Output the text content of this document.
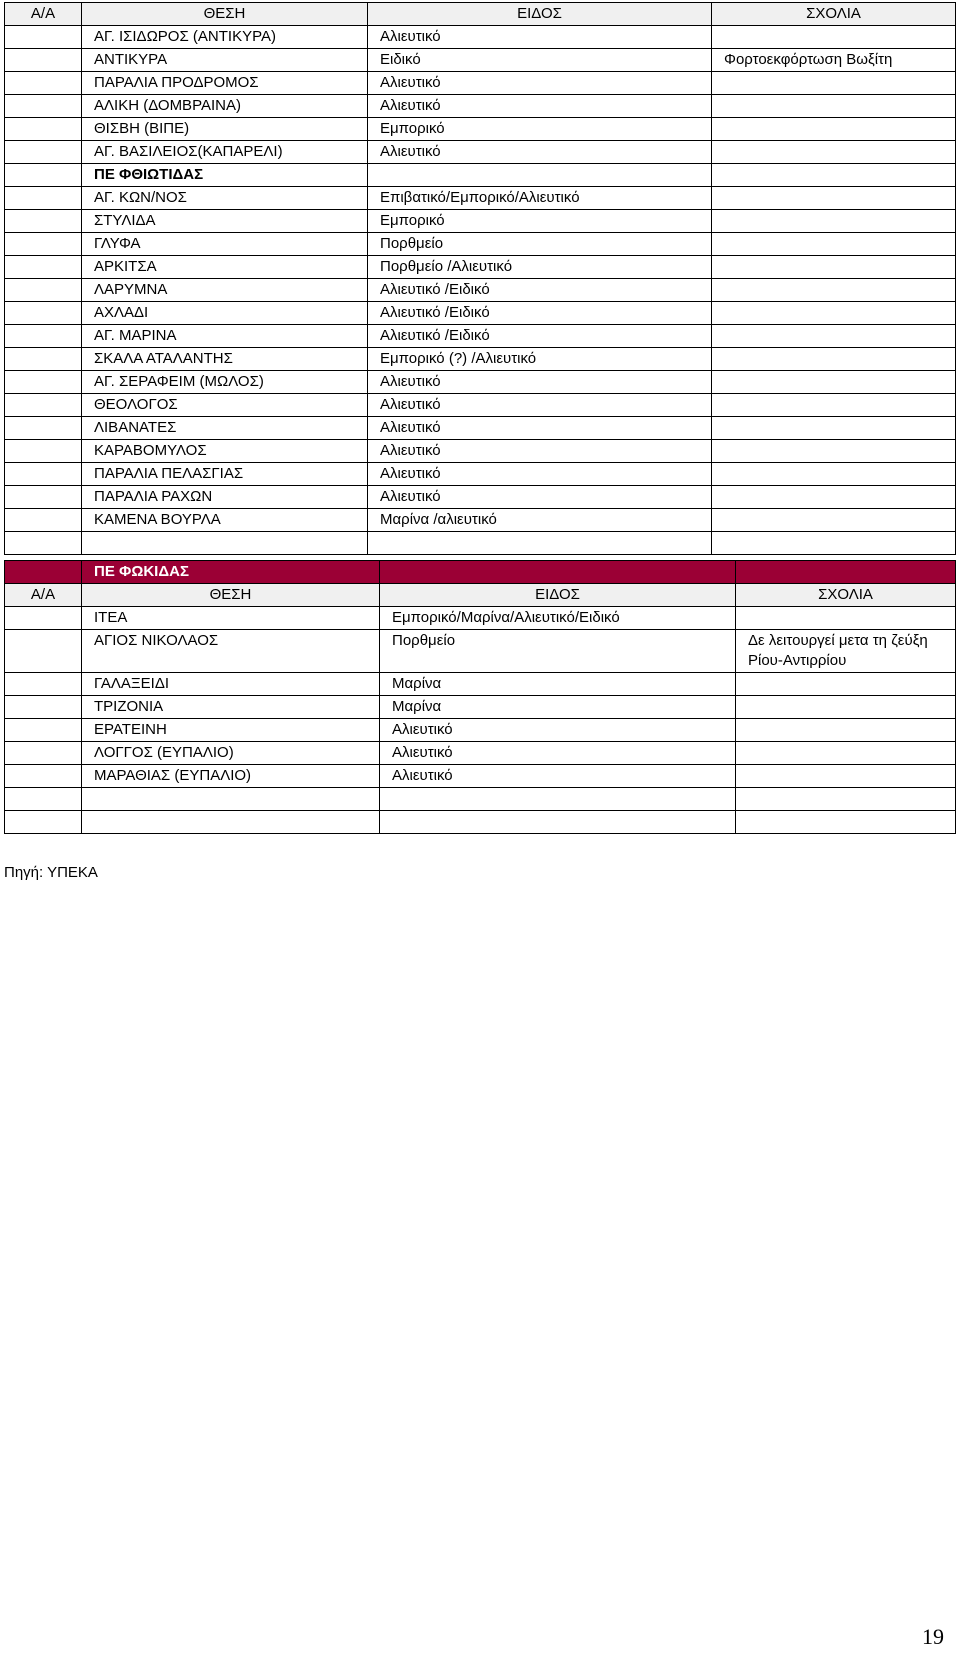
Α/Α	ΘΕΣΗ	ΕΙΔΟΣ	ΣΧΟΛΙΑ
	ΑΓ. ΙΣΙΔΩΡΟΣ (ΑΝΤΙΚΥΡΑ)	Αλιευτικό	
	ΑΝΤΙΚΥΡΑ	Ειδικό	Φορτοεκφόρτωση Βωξίτη
	ΠΑΡΑΛΙΑ ΠΡΟΔΡΟΜΟΣ	Αλιευτικό	
	ΑΛΙΚΗ (ΔΟΜΒΡΑΙΝΑ)	Αλιευτικό	
	ΘΙΣΒΗ (ΒΙΠΕ)	Εμπορικό	
	ΑΓ. ΒΑΣΙΛΕΙΟΣ(ΚΑΠΑΡΕΛΙ)	Αλιευτικό	
	ΠΕ ΦΘΙΩΤΙΔΑΣ		
	ΑΓ. ΚΩΝ/ΝΟΣ	Επιβατικό/Εμπορικό/Αλιευτικό	
	ΣΤΥΛΙΔΑ	Εμπορικό	
	ΓΛΥΦΑ	Πορθμείο	
	ΑΡΚΙΤΣΑ	Πορθμείο /Αλιευτικό	
	ΛΑΡΥΜΝΑ	Αλιευτικό /Ειδικό	
	ΑΧΛΑΔΙ	Αλιευτικό /Ειδικό	
	ΑΓ. ΜΑΡΙΝΑ	Αλιευτικό /Ειδικό	
	ΣΚΑΛΑ ΑΤΑΛΑΝΤΗΣ	Εμπορικό (?) /Αλιευτικό	
	ΑΓ. ΣΕΡΑΦΕΙΜ (ΜΩΛΟΣ)	Αλιευτικό	
	ΘΕΟΛΟΓΟΣ	Αλιευτικό	
	ΛΙΒΑΝΑΤΕΣ	Αλιευτικό	
	ΚΑΡΑΒΟΜΥΛΟΣ	Αλιευτικό	
	ΠΑΡΑΛΙΑ ΠΕΛΑΣΓΙΑΣ	Αλιευτικό	
	ΠΑΡΑΛΙΑ ΡΑΧΩΝ	Αλιευτικό	
	ΚΑΜΕΝΑ ΒΟΥΡΛΑ	Μαρίνα /αλιευτικό	

	ΠΕ ΦΩΚΙΔΑΣ		
Α/Α	ΘΕΣΗ	ΕΙΔΟΣ	ΣΧΟΛΙΑ
	ΙΤΕΑ	Εμπορικό/Μαρίνα/Αλιευτικό/Ειδικό	
	ΑΓΙΟΣ ΝΙΚΟΛΑΟΣ	Πορθμείο	Δε λειτουργεί μετα τη ζεύξη Ρίου-Αντιρρίου
	ΓΑΛΑΞΕΙΔΙ	Μαρίνα	
	ΤΡΙΖΟΝΙΑ	Μαρίνα	
	ΕΡΑΤΕΙΝΗ	Αλιευτικό	
	ΛΟΓΓΟΣ (ΕΥΠΑΛΙΟ)	Αλιευτικό	
	ΜΑΡΑΘΙΑΣ (ΕΥΠΑΛΙΟ)	Αλιευτικό	

Πηγή: ΥΠΕΚΑ
19
